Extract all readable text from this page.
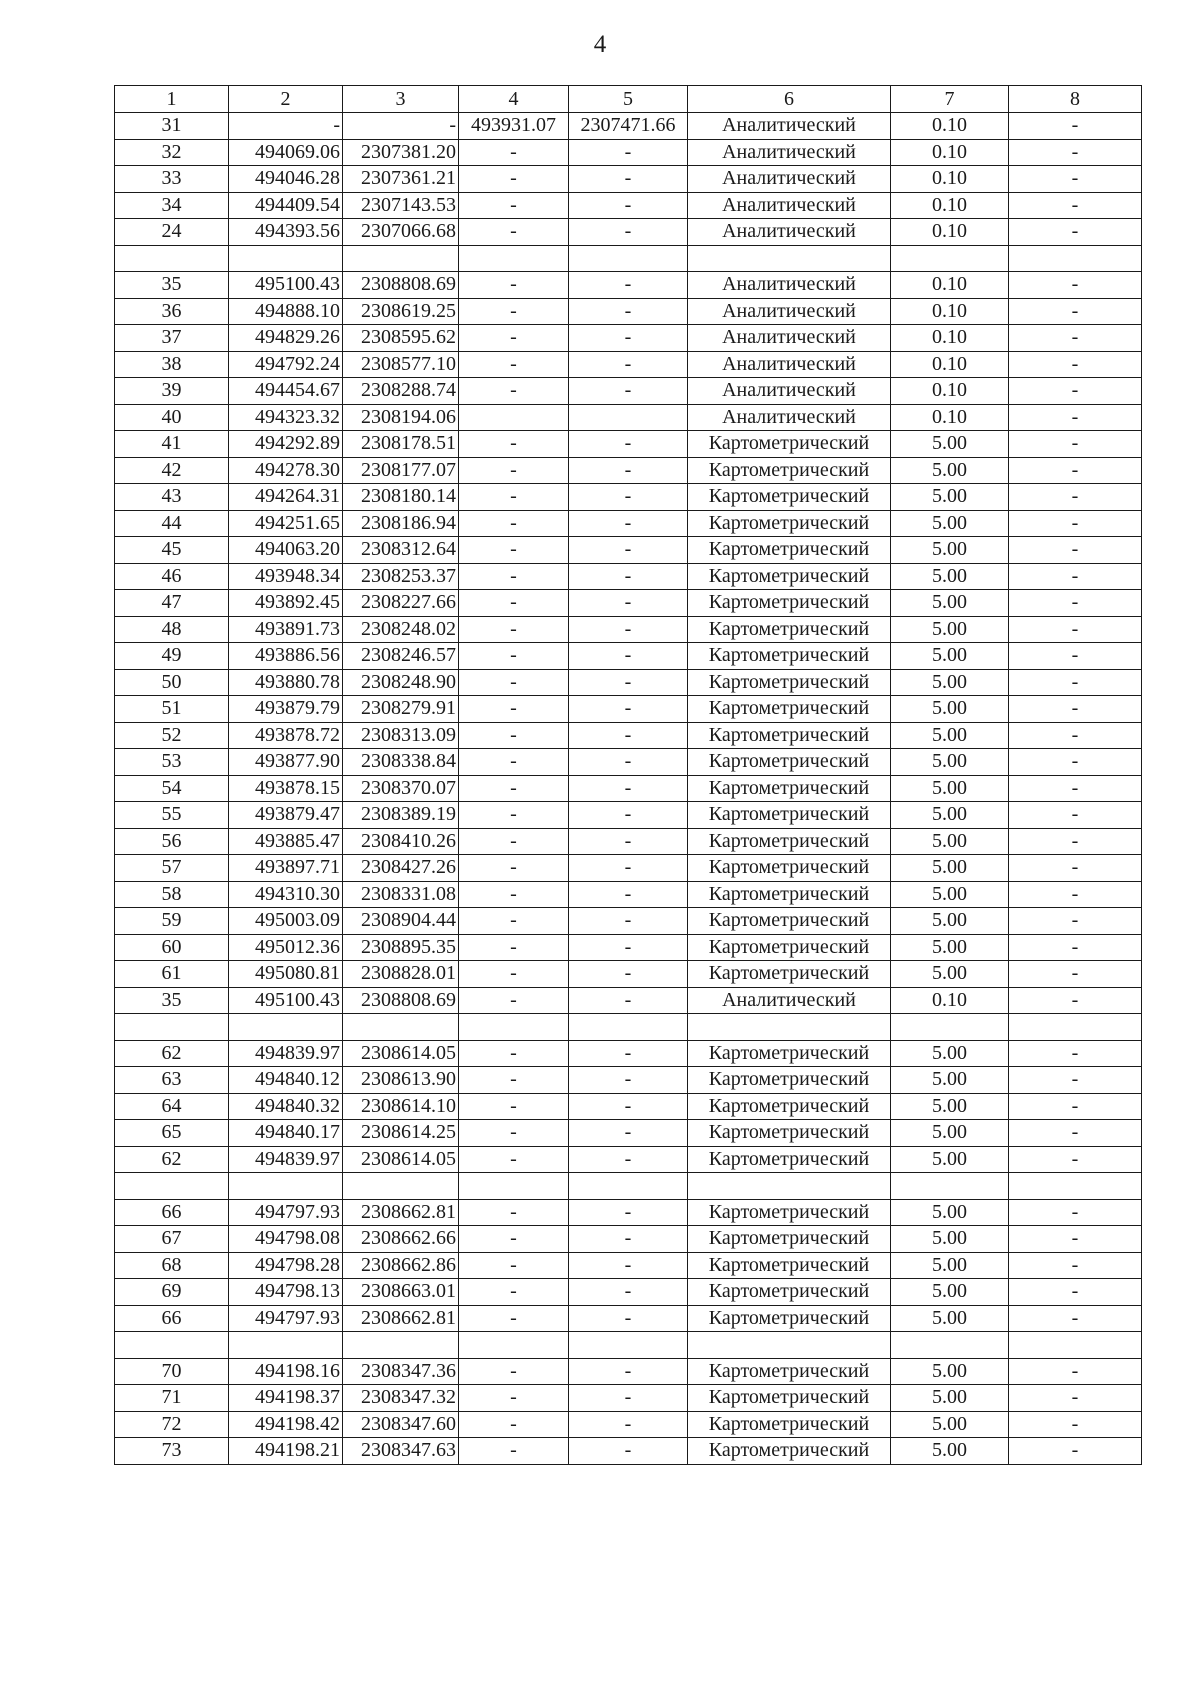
4
1	2	3	4	5	6	7	8
31	-	-	493931.07	2307471.66	Аналитический	0.10	-
32	494069.06	2307381.20	-	-	Аналитический	0.10	-
33	494046.28	2307361.21	-	-	Аналитический	0.10	-
34	494409.54	2307143.53	-	-	Аналитический	0.10	-
24	494393.56	2307066.68	-	-	Аналитический	0.10	-

35	495100.43	2308808.69	-	-	Аналитический	0.10	-
36	494888.10	2308619.25	-	-	Аналитический	0.10	-
37	494829.26	2308595.62	-	-	Аналитический	0.10	-
38	494792.24	2308577.10	-	-	Аналитический	0.10	-
39	494454.67	2308288.74	-	-	Аналитический	0.10	-
40	494323.32	2308194.06			Аналитический	0.10	-
41	494292.89	2308178.51	-	-	Картометрический	5.00	-
42	494278.30	2308177.07	-	-	Картометрический	5.00	-
43	494264.31	2308180.14	-	-	Картометрический	5.00	-
44	494251.65	2308186.94	-	-	Картометрический	5.00	-
45	494063.20	2308312.64	-	-	Картометрический	5.00	-
46	493948.34	2308253.37	-	-	Картометрический	5.00	-
47	493892.45	2308227.66	-	-	Картометрический	5.00	-
48	493891.73	2308248.02	-	-	Картометрический	5.00	-
49	493886.56	2308246.57	-	-	Картометрический	5.00	-
50	493880.78	2308248.90	-	-	Картометрический	5.00	-
51	493879.79	2308279.91	-	-	Картометрический	5.00	-
52	493878.72	2308313.09	-	-	Картометрический	5.00	-
53	493877.90	2308338.84	-	-	Картометрический	5.00	-
54	493878.15	2308370.07	-	-	Картометрический	5.00	-
55	493879.47	2308389.19	-	-	Картометрический	5.00	-
56	493885.47	2308410.26	-	-	Картометрический	5.00	-
57	493897.71	2308427.26	-	-	Картометрический	5.00	-
58	494310.30	2308331.08	-	-	Картометрический	5.00	-
59	495003.09	2308904.44	-	-	Картометрический	5.00	-
60	495012.36	2308895.35	-	-	Картометрический	5.00	-
61	495080.81	2308828.01	-	-	Картометрический	5.00	-
35	495100.43	2308808.69	-	-	Аналитический	0.10	-

62	494839.97	2308614.05	-	-	Картометрический	5.00	-
63	494840.12	2308613.90	-	-	Картометрический	5.00	-
64	494840.32	2308614.10	-	-	Картометрический	5.00	-
65	494840.17	2308614.25	-	-	Картометрический	5.00	-
62	494839.97	2308614.05	-	-	Картометрический	5.00	-

66	494797.93	2308662.81	-	-	Картометрический	5.00	-
67	494798.08	2308662.66	-	-	Картометрический	5.00	-
68	494798.28	2308662.86	-	-	Картометрический	5.00	-
69	494798.13	2308663.01	-	-	Картометрический	5.00	-
66	494797.93	2308662.81	-	-	Картометрический	5.00	-

70	494198.16	2308347.36	-	-	Картометрический	5.00	-
71	494198.37	2308347.32	-	-	Картометрический	5.00	-
72	494198.42	2308347.60	-	-	Картометрический	5.00	-
73	494198.21	2308347.63	-	-	Картометрический	5.00	-
